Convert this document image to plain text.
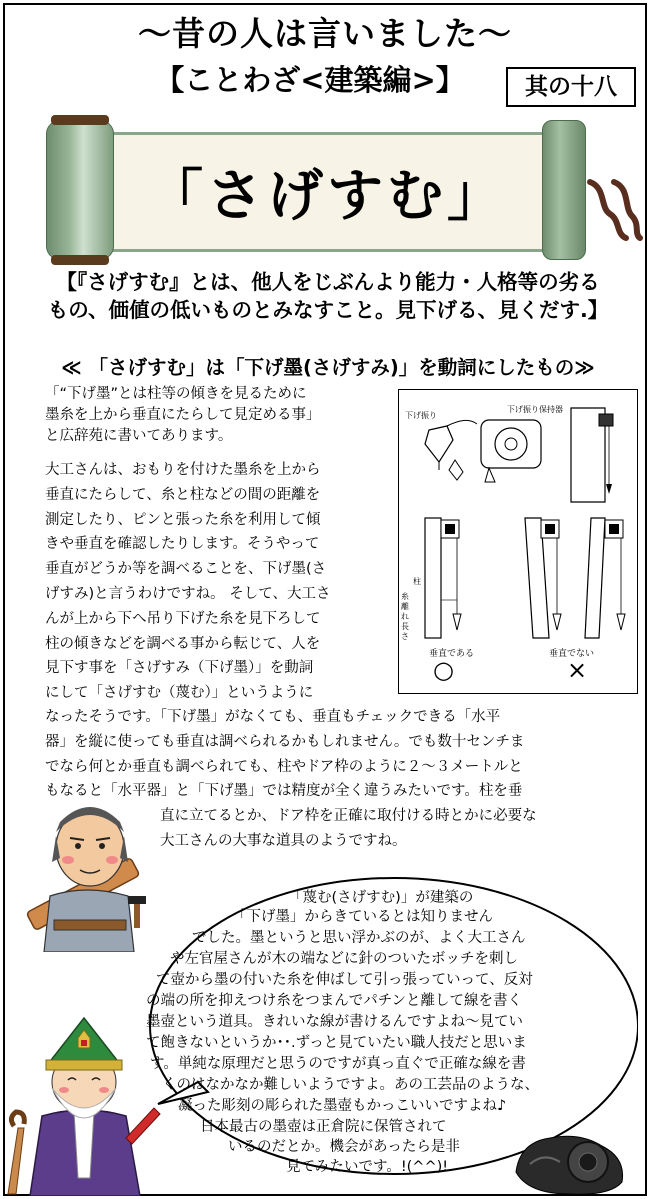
～昔の人は言いました～
【ことわざ<建築編>】	其の十八
「さげすむ」
【『さげすむ』とは、他人をじぶんより能力・人格等の劣る
もの、価値の低いものとみなすこと。見下げる、見くだす.】
≪ 「さげすむ」は「下げ墨(さげすみ)」を動詞にしたもの≫
「“下げ墨”とは柱等の傾きを見るために
墨糸を上から垂直にたらして見定める事」
と広辞苑に書いてあります。
大工さんは、おもりを付けた墨糸を上から
垂直にたらして、糸と柱などの間の距離を
測定したり、ピンと張った糸を利用して傾
きや垂直を確認したりします。そうやって
垂直がどうか等を調べることを、下げ墨(さ
げすみ)と言うわけですね。 そして、大工さ
んが上から下へ吊り下げた糸を見下ろして
柱の傾きなどを調べる事から転じて、人を
見下す事を「さげすみ（下げ墨）」を動詞
にして「さげすむ（蔑む）」というように
なったそうです。「下げ墨」がなくても、垂直もチェックできる「水平
器」を縦に使っても垂直は調べられるかもしれません。でも数十センチま
でなら何とか垂直も調べられても、柱やドア枠のように２～３メートルと
もなると「水平器」と「下げ墨」では精度が全く違うみたいです。柱を垂
直に立てるとか、ドア枠を正確に取付ける時とかに必要な
大工さんの大事な道具のようですね。
下げ振り
下げ振り保持器
柱
糸離れ長さ
垂直である	垂直でない
○	×
「蔑む(さげすむ)」が建築の
「下げ墨」からきているとは知りません
でした。墨というと思い浮かぶのが、よく大工さん
や左官屋さんが木の端などに針のついたボッチを刺し
て壺から墨の付いた糸を伸ばして引っ張っていって、反対
の端の所を抑えつけ糸をつまんでパチンと離して線を書く
墨壺という道具。きれいな線が書けるんですよね～見てい
て飽きないというか･･.ずっと見ていたい職人技だと思いま
す。単純な原理だと思うのですが真っ直ぐで正確な線を書
くのはなかなか難しいようですよ。あの工芸品のような、
凝った彫刻の彫られた墨壺もかっこいいですよね♪
日本最古の墨壺は正倉院に保管されて
いるのだとか。機会があったら是非
見てみたいです。!(^^)!
